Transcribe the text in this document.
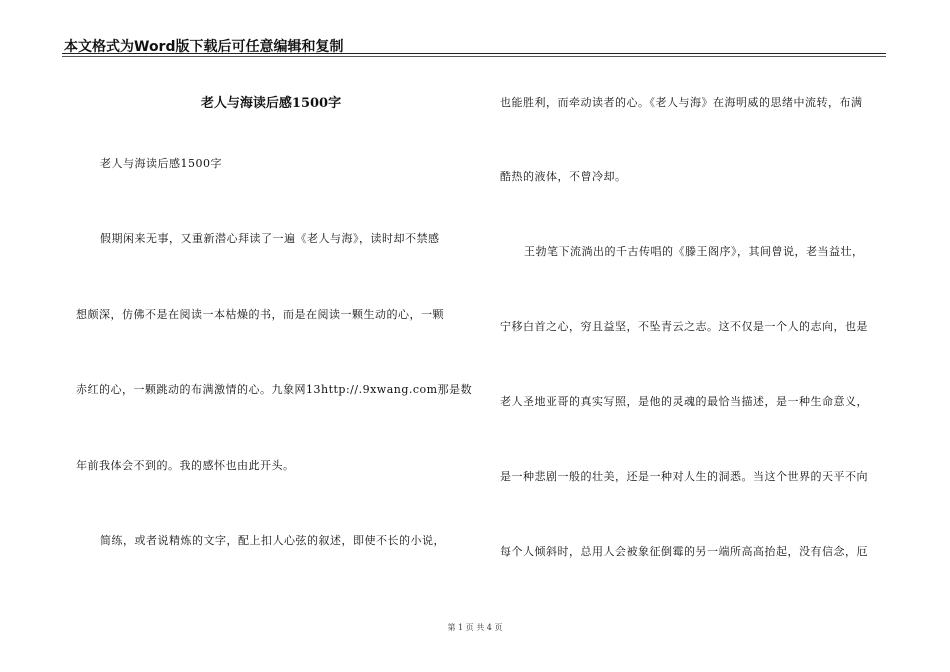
本文格式为Word版下载后可任意编辑和复制
老人与海读后感1500字
老人与海读后感1500字
假期闲来无事，又重新潜心拜读了一遍《老人与海》，读时却不禁感
想颇深，仿佛不是在阅读一本枯燥的书，而是在阅读一颗生动的心，一颗
赤红的心，一颗跳动的布满激情的心。九象网13http://.9xwang.com那是数
年前我体会不到的。我的感怀也由此开头。
简练，或者说精炼的文字，配上扣人心弦的叙述，即使不长的小说，
也能胜利，而牵动读者的心。《老人与海》在海明威的思绪中流转，布满
酷热的液体，不曾冷却。
王勃笔下流淌出的千古传唱的《滕王阁序》，其间曾说，老当益壮，
宁移白首之心，穷且益坚，不坠青云之志。这不仅是一个人的志向，也是
老人圣地亚哥的真实写照，是他的灵魂的最恰当描述，是一种生命意义，
是一种悲剧一般的壮美，还是一种对人生的洞悉。当这个世界的天平不向
每个人倾斜时，总用人会被象征倒霉的另一端所高高抬起，没有信念，厄
第 1 页 共 4 页
